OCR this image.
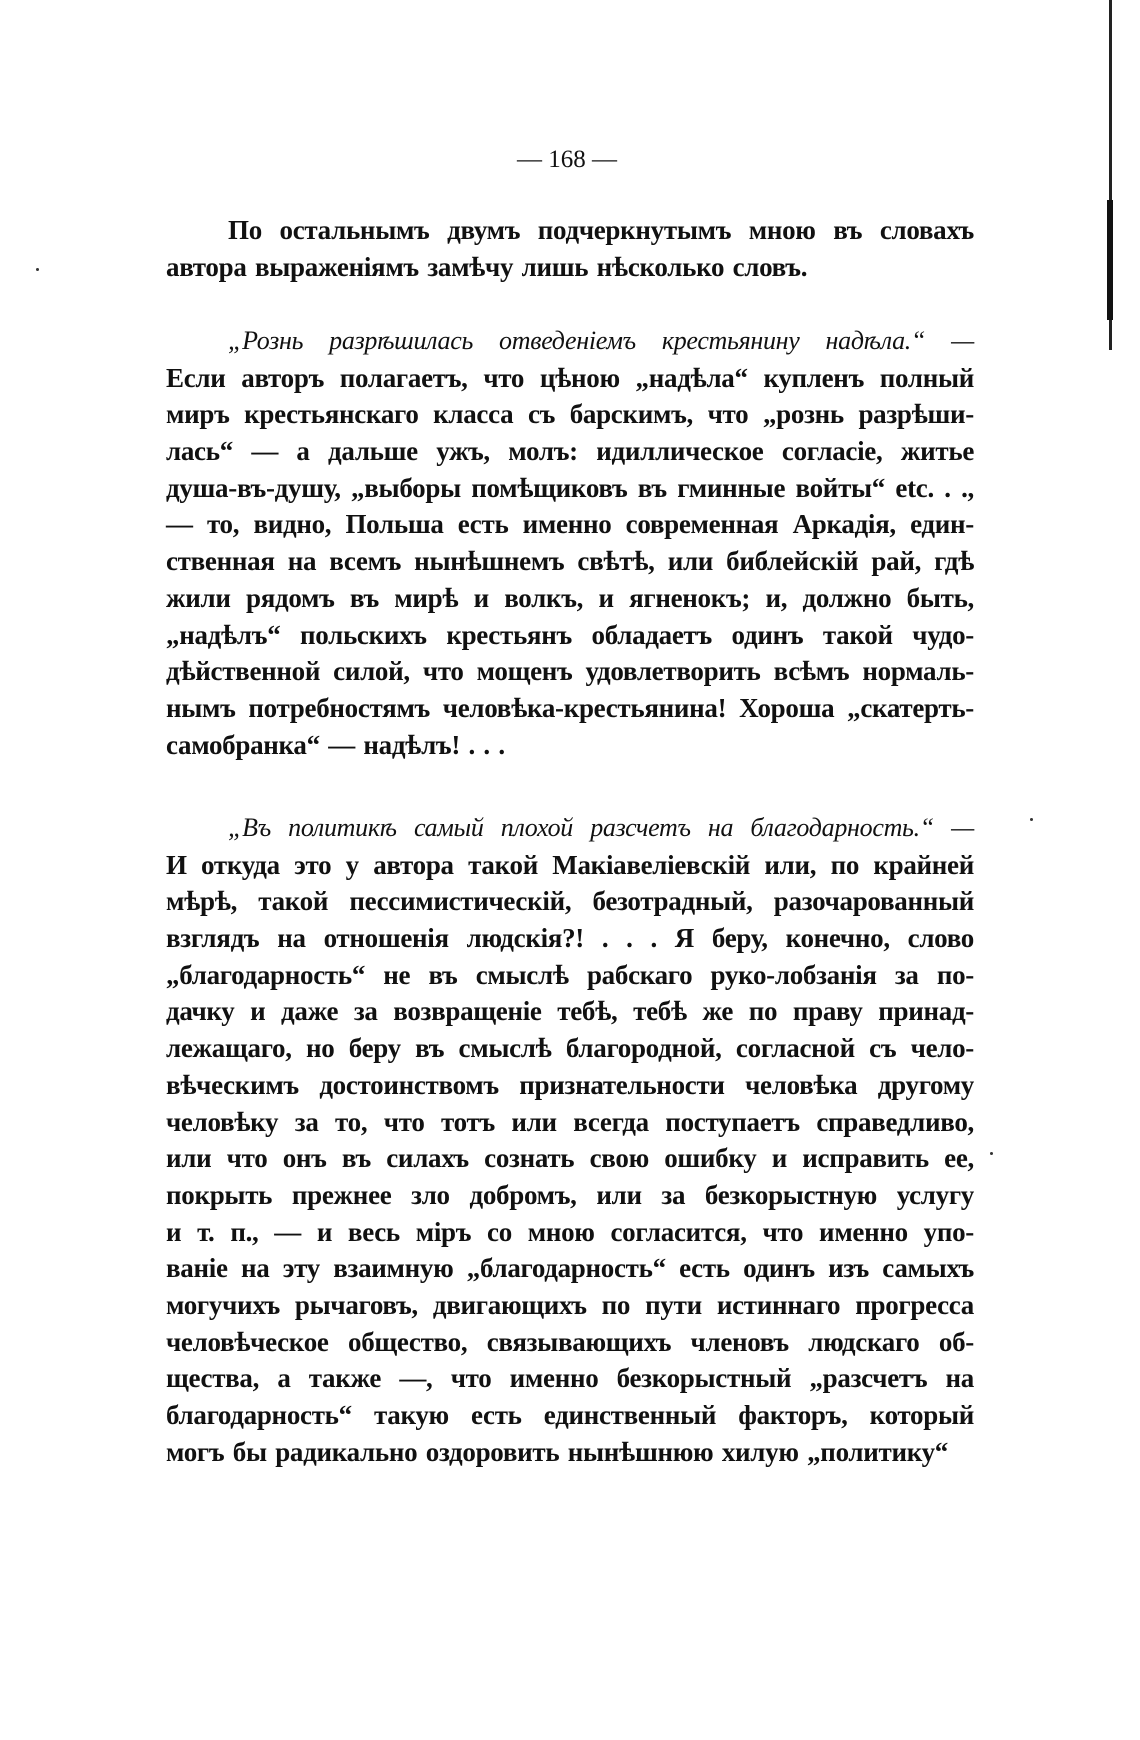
— 168 —
По остальнымъ двумъ подчеркнутымъ мною въ словахъ
автора выраженiямъ замѣчу лишь нѣсколько словъ.
„Рознь разрѣшилась отведенiемъ крестьянину надѣла.“ —
Если авторъ полагаетъ, что цѣною „надѣла“ купленъ полный
миръ крестьянскаго класса съ барскимъ, что „рознь разрѣши-
лась“ — а дальше ужъ, молъ: идиллическое согласiе, житье
душа-въ-душу, „выборы помѣщиковъ въ гминные войты“ etc. . .,
— то, видно, Польша есть именно современная Аркадiя, един-
ственная на всемъ нынѣшнемъ свѣтѣ, или библейскiй рай, гдѣ
жили рядомъ въ мирѣ и волкъ, и ягненокъ; и, должно быть,
„надѣлъ“ польскихъ крестьянъ обладаетъ одинъ такой чудо-
дѣйственной силой, что мощенъ удовлетворить всѣмъ нормаль-
нымъ потребностямъ человѣка-крестьянина! Хороша „скатерть-
самобранка“ — надѣлъ! . . .
„Въ политикѣ самый плохой разсчетъ на благодарность.“ —
И откуда это у автора такой Макiавелiевскiй или, по крайней
мѣрѣ, такой пессимистическiй, безотрадный, разочарованный
взглядъ на отношенiя людскiя?! . . . Я беру, конечно, слово
„благодарность“ не въ смыслѣ рабскаго руко-лобзанiя за по-
дачку и даже за возвращенiе тебѣ, тебѣ же по праву принад-
лежащаго, но беру въ смыслѣ благородной, согласной съ чело-
вѣческимъ достоинствомъ признательности человѣка другому
человѣку за то, что тотъ или всегда поступаетъ справедливо,
или что онъ въ силахъ сознать свою ошибку и исправить ее,
покрыть прежнее зло добромъ, или за безкорыстную услугу
и т. п., — и весь мiръ со мною согласится, что именно упо-
ванiе на эту взаимную „благодарность“ есть одинъ изъ самыхъ
могучихъ рычаговъ, двигающихъ по пути истиннаго прогресса
человѣческое общество, связывающихъ членовъ людскаго об-
щества, а также —, что именно безкорыстный „разсчетъ на
благодарность“ такую есть единственный факторъ, который
могъ бы радикально оздоровить нынѣшнюю хилую „политику“
